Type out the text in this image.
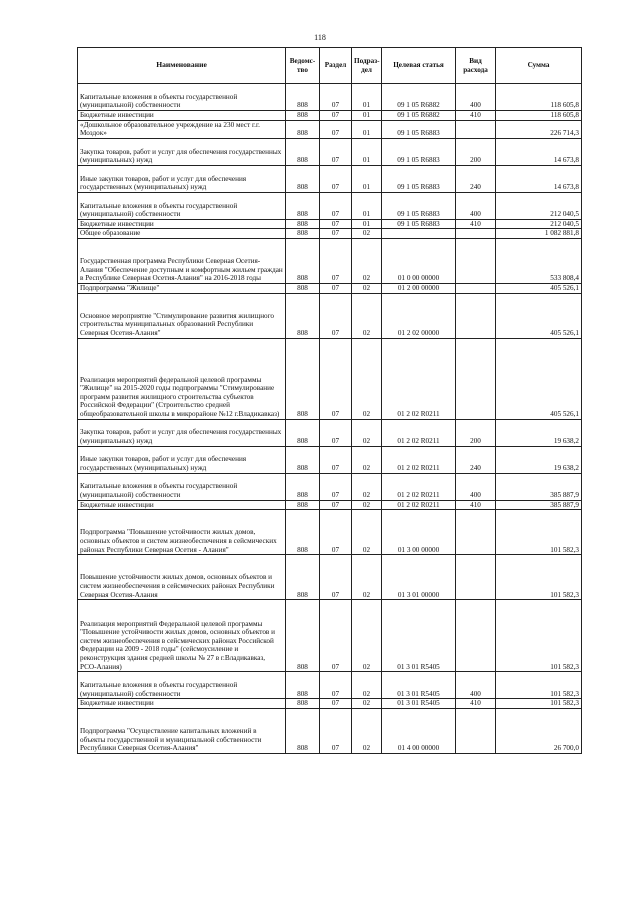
118
Наименование	Ведомс-тво	Раздел	Подраз-дел	Целевая статья	Вид расхода	Сумма
Капитальные вложения в объекты государственной (муниципальной) собственности	808	07	01	09 1 05 R6882	400	118 605,8
Бюджетные инвестиции	808	07	01	09 1 05 R6882	410	118 605,8
«Дошкольное образовательное учреждение на 230 мест г.г. Моздок»	808	07	01	09 1 05 R6883		226 714,3
Закупка товаров, работ и услуг для обеспечения государственных (муниципальных) нужд	808	07	01	09 1 05 R6883	200	14 673,8
Иные закупки товаров, работ и услуг для обеспечения государственных (муниципальных) нужд	808	07	01	09 1 05 R6883	240	14 673,8
Капитальные вложения в объекты государственной (муниципальной) собственности	808	07	01	09 1 05 R6883	400	212 040,5
Бюджетные инвестиции	808	07	01	09 1 05 R6883	410	212 040,5
Общее образование	808	07	02			1 082 881,8
Государственная программа Республики Северная Осетия-Алания "Обеспечение доступным и комфортным жильем граждан в Республике Северная Осетия-Алания" на 2016-2018 годы	808	07	02	01 0 00 00000		533 808,4
Подпрограмма "Жилище"	808	07	02	01 2 00 00000		405 526,1
Основное мероприятие "Стимулирование развития жилищного строительства муниципальных образований Республики Северная Осетия-Алания"	808	07	02	01 2 02 00000		405 526,1
Реализация мероприятий федеральной целевой программы "Жилище" на 2015-2020 годы подпрограммы "Стимулирование программ развития жилищного строительства субъектов Российской Федерации" (Строительство средней общеобразовательной школы в микрорайоне №12 г.Владикавказ)	808	07	02	01 2 02 R0211		405 526,1
Закупка товаров, работ и услуг для обеспечения государственных (муниципальных) нужд	808	07	02	01 2 02 R0211	200	19 638,2
Иные закупки товаров, работ и услуг для обеспечения государственных (муниципальных) нужд	808	07	02	01 2 02 R0211	240	19 638,2
Капитальные вложения в объекты государственной (муниципальной) собственности	808	07	02	01 2 02 R0211	400	385 887,9
Бюджетные инвестиции	808	07	02	01 2 02 R0211	410	385 887,9
Подпрограмма "Повышение устойчивости жилых домов, основных объектов и систем жизнеобеспечения в сейсмических районах Республики Северная Осетия - Алания"	808	07	02	01 3 00 00000		101 582,3
Повышение устойчивости жилых домов, основных объектов и систем жизнеобеспечения в сейсмических районах Республики Северная Осетия-Алания	808	07	02	01 3 01 00000		101 582,3
Реализация мероприятий Федеральной целевой программы "Повышение устойчивости жилых домов, основных объектов и систем жизнеобеспечения в сейсмических районах Российской Федерации на 2009 - 2018 годы" (сейсмоусиление и реконструкция здания средней школы № 27 в г.Владикавказ, РСО-Алания)	808	07	02	01 3 01 R5405		101 582,3
Капитальные вложения в объекты государственной (муниципальной) собственности	808	07	02	01 3 01 R5405	400	101 582,3
Бюджетные инвестиции	808	07	02	01 3 01 R5405	410	101 582,3
Подпрограмма "Осуществление капитальных вложений в объекты государственной и муниципальной собственности Республики Северная Осетия-Алания"	808	07	02	01 4 00 00000		26 700,0
